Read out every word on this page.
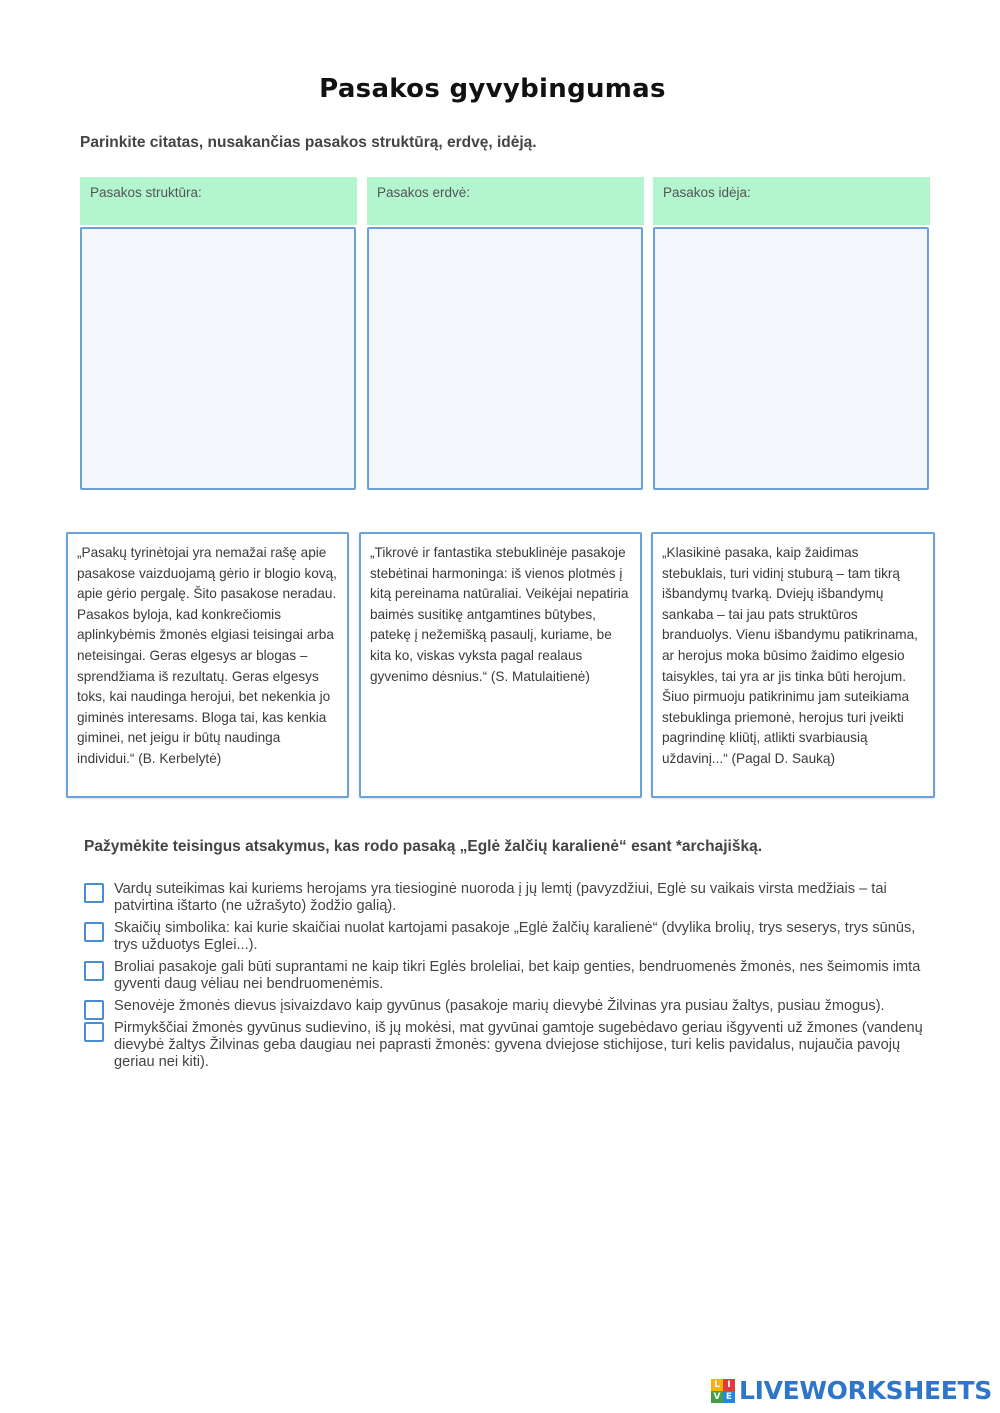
Pasakos gyvybingumas
Parinkite citatas, nusakančias pasakos struktūrą, erdvę, idėją.
Pasakos struktūra:	Pasakos erdvė:	Pasakos idėja:
„Pasakų tyrinėtojai yra nemažai rašę apie pasakose vaizduojamą gėrio ir blogio kovą, apie gėrio pergalę. Šito pasakose neradau. Pasakos byloja, kad konkrečiomis aplinkybėmis žmonės elgiasi teisingai arba neteisingai. Geras elgesys ar blogas – sprendžiama iš rezultatų. Geras elgesys toks, kai naudinga herojui, bet nekenkia jo giminės interesams. Bloga tai, kas kenkia giminei, net jeigu ir būtų naudinga individui.“ (B. Kerbelytė)
„Tikrovė ir fantastika stebuklinėje pasakoje stebėtinai harmoninga: iš vienos plotmės į kitą pereinama natūraliai. Veikėjai nepatiria baimės susitikę antgamtines būtybes, patekę į nežemišką pasaulį, kuriame, be kita ko, viskas vyksta pagal realaus gyvenimo dėsnius.“ (S. Matulaitienė)
„Klasikinė pasaka, kaip žaidimas stebuklais, turi vidinį stuburą – tam tikrą išbandymų tvarką. Dviejų išbandymų sankaba – tai jau pats struktūros branduolys. Vienu išbandymu patikrinama, ar herojus moka būsimo žaidimo elgesio taisykles, tai yra ar jis tinka būti herojum. Šiuo pirmuoju patikrinimu jam suteikiama stebuklinga priemonė, herojus turi įveikti pagrindinę kliūtį, atlikti svarbiausią uždavinį...“ (Pagal D. Sauką)
Pažymėkite teisingus atsakymus, kas rodo pasaką „Eglė žalčių karalienė“ esant *archajišką.
Vardų suteikimas kai kuriems herojams yra tiesioginė nuoroda į jų lemtį (pavyzdžiui, Eglė su vaikais virsta medžiais – tai patvirtina ištarto (ne užrašyto) žodžio galią).
Skaičių simbolika: kai kurie skaičiai nuolat kartojami pasakoje „Eglė žalčių karalienė“ (dvylika brolių, trys seserys, trys sūnūs, trys užduotys Eglei...).
Broliai pasakoje gali būti suprantami ne kaip tikri Eglės broleliai, bet kaip genties, bendruomenės žmonės, nes šeimomis imta gyventi daug vėliau nei bendruomenėmis.
Senovėje žmonės dievus įsivaizdavo kaip gyvūnus (pasakoje marių dievybė Žilvinas yra pusiau žaltys, pusiau žmogus).
Pirmykščiai žmonės gyvūnus sudievino, iš jų mokėsi, mat gyvūnai gamtoje sugebėdavo geriau išgyventi už žmones (vandenų dievybė žaltys Žilvinas geba daugiau nei paprasti žmonės: gyvena dviejose stichijose, turi kelis pavidalus, nujaučia pavojų geriau nei kiti).
L I
V E LIVEWORKSHEETS
